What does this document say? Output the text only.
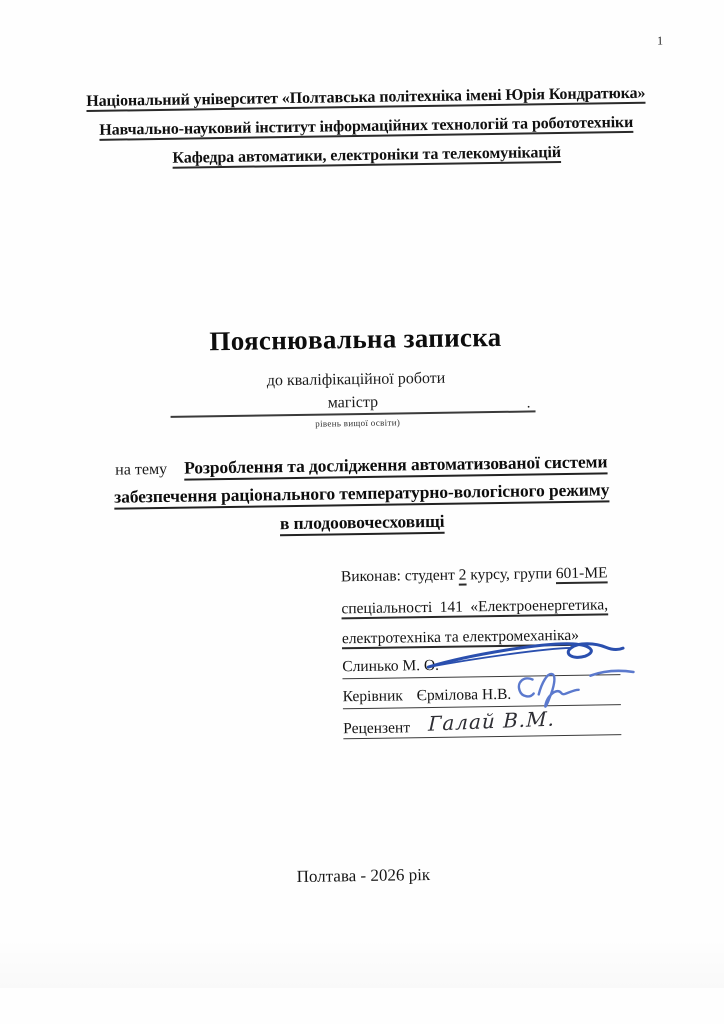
1
Національний університет «Полтавська політехніка імені Юрія Кондратюка»
Навчально-науковий інститут інформаційних технологій та робототехніки
Кафедра автоматики, електроніки та телекомунікацій
Пояснювальна записка
до кваліфікаційної роботи
магістр	.
рівень вищої освіти)
на тему Розроблення та дослідження автоматизованої системи
забезпечення раціонального температурно-вологісного режиму
в плодоовочесховищі
Виконав: студент 2 курсу, групи 601-МЕ
спеціальності 141 «Електроенергетика,
електротехніка та електромеханіка»
Слинько М. О.
Керівник Єрмілова Н.В.
Рецензент Галай В.М.
Полтава - 2026 рік
